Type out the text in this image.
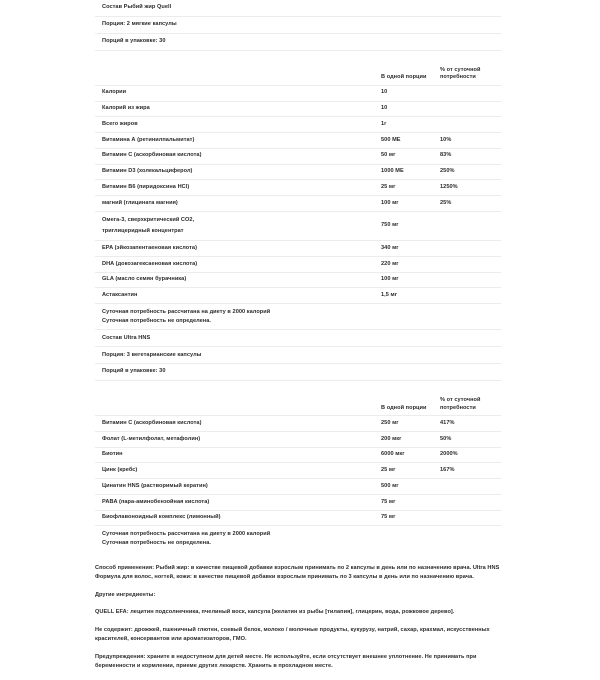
Состав Рыбий жир Quell		
Порция: 2 мягкие капсулы		
Порций в упаковке: 30		

	В одной порции	% от суточной потребности
Калории	10	
Калорий из жира	10	
Всего жиров	1г	
Витамина А (ретинилпальмитат)	500 МЕ	10%
Витамин С (аскорбиновая кислота)	50 мг	83%
Витамин D3 (холекальциферол)	1000 МЕ	250%
Витамин B6 (пиридоксина HCl)	25 мг	1250%
магний (глицината магния)	100 мг	25%
Омега-3, сверхкритический CO2,
триглицеридный концентрат	750 мг	
EPA (эйкозапентаеновая кислота)	340 мг	
DHA (докозагексаеновая кислота)	220 мг	
GLA (масло семян бурачника)	100 мг	
Астаксантин	1,5 мг	
Суточная потребность рассчитана на диету в 2000 калорий
Суточная потребность не определена.
Состав Ultra HNS		
Порция: 3 вегетарианские капсулы		
Порций в упаковке: 30		

	В одной порции	% от суточной потребности
Витамин С (аскорбиновая кислота)	250 мг	417%
Фолат (L-метилфолат, метафолин)	200 мкг	50%
Биотин	6000 мкг	2000%
Цинк (кребс)	25 мг	167%
Цинатин HNS (растворимый кератин)	500 мг	
PABA (пара-аминобензойная кислота)	75 мг	
Биофлавоноидный комплекс (лимонный)	75 мг	
Суточная потребность рассчитана на диету в 2000 калорий
Суточная потребность не определена.

Способ применения: Рыбий жир: в качестве пищевой добавки взрослым принимать по 2 капсулы в день или по назначению врача. Ultra HNS Формула для волос, ногтей, кожи: в качестве пищевой добавки взрослым принимать по 3 капсулы в день или по назначению врача.

Другие ингредиенты:

QUELL EFA: лецитин подсолнечника, пчелиный воск, капсула [желатин из рыбы [тилапия], глицерин, вода, рожковое дерево].

Не содержит: дрожжей, пшеничный глютен, соевый белок, молоко / молочные продукты, кукурузу, натрий, сахар, крахмал, искусственных красителей, консервантов или ароматизаторов, ГМО.

Предупреждения: храните в недоступном для детей месте. Не используйте, если отсутствует внешнее уплотнение. Не принимать при беременности и кормлении, приеме других лекарств. Хранить в прохладном месте.
